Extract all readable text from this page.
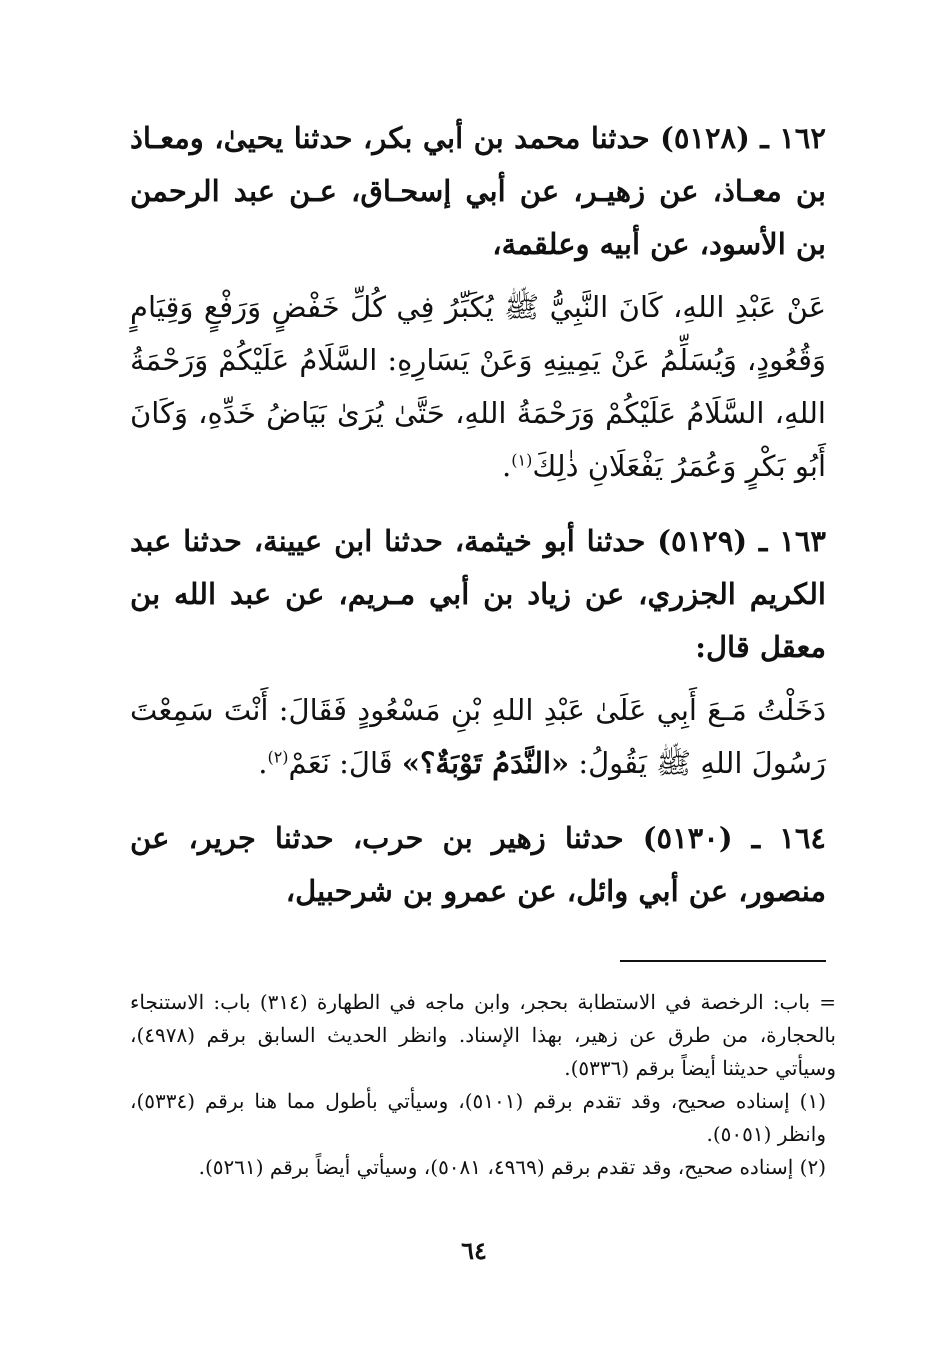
١٦٢ ـ (٥١٢٨) حدثنا محمد بن أبي بكر، حدثنا يحيىٰ، ومعـاذ بن معـاذ، عن زهيـر، عن أبي إسحـاق، عـن عبد الرحمن بن الأسود، عن أبيه وعلقمة،

عَنْ عَبْدِ اللهِ، كَانَ النَّبِيُّ ﷺ يُكَبِّرُ فِي كُلِّ خَفْضٍ وَرَفْعٍ وَقِيَامٍ وَقُعُودٍ، وَيُسَلِّمُ عَنْ يَمِينِهِ وَعَنْ يَسَارِهِ: السَّلَامُ عَلَيْكُمْ وَرَحْمَةُ اللهِ، السَّلَامُ عَلَيْكُمْ وَرَحْمَةُ اللهِ، حَتَّىٰ يُرَىٰ بَيَاضُ خَدِّهِ، وَكَانَ أَبُو بَكْرٍ وَعُمَرُ يَفْعَلَانِ ذٰلِكَ$^{(١)}$.

١٦٣ ـ (٥١٢٩) حدثنا أبو خيثمة، حدثنا ابن عيينة، حدثنا عبد الكريم الجزري، عن زياد بن أبي مـريم، عن عبد الله بن معقل قال:

دَخَلْتُ مَـعَ أَبِي عَلَىٰ عَبْدِ اللهِ بْنِ مَسْعُودٍ فَقَالَ: أَنْتَ سَمِعْتَ رَسُولَ اللهِ ﷺ يَقُولُ: «النَّدَمُ تَوْبَةٌ؟» قَالَ: نَعَمْ$^{(٢)}$.

١٦٤ ـ (٥١٣٠) حدثنا زهير بن حرب، حدثنا جرير، عن منصور، عن أبي وائل، عن عمرو بن شرحبيل،

= باب: الرخصة في الاستطابة بحجر، وابن ماجه في الطهارة (٣١٤) باب: الاستنجاء بالحجارة، من طرق عن زهير، بهذا الإسناد. وانظر الحديث السابق برقم (٤٩٧٨)، وسيأتي حديثنا أيضاً برقم (٥٣٣٦).

(١) إسناده صحيح، وقد تقدم برقم (٥١٠١)، وسيأتي بأطول مما هنا برقم (٥٣٣٤)، وانظر (٥٠٥١).

(٢) إسناده صحيح، وقد تقدم برقم (٤٩٦٩، ٥٠٨١)، وسيأتي أيضاً برقم (٥٢٦١).

٦٤
